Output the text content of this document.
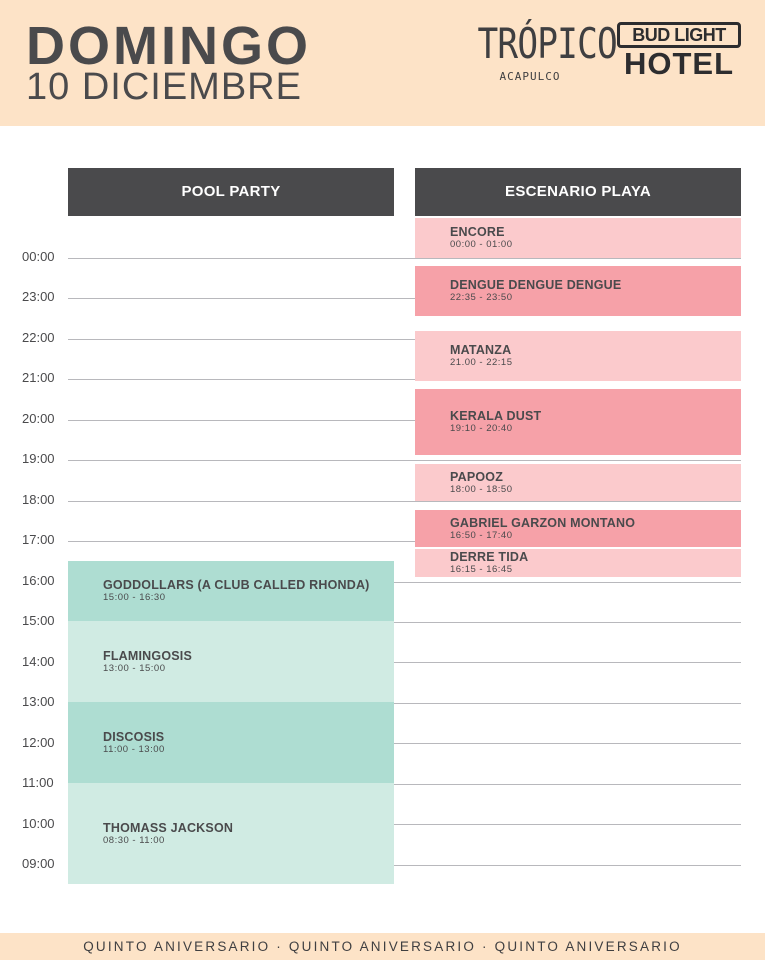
DOMINGO
10 DICIEMBRE
TRÓPICO
ACAPULCO
BUD LIGHT
HOTEL
POOL PARTY	ESCENARIO PLAYA
00:00
23:00
22:00
21:00
20:00
19:00
18:00
17:00
16:00
15:00
14:00
13:00
12:00
11:00
10:00
09:00
ENCORE
00:00 - 01:00
DENGUE DENGUE DENGUE
22:35 - 23:50
MATANZA
21.00 - 22:15
KERALA DUST
19:10 - 20:40
PAPOOZ
18:00 - 18:50
GABRIEL GARZON MONTANO
16:50 - 17:40
DERRE TIDA
16:15 - 16:45
GODDOLLARS (A CLUB CALLED RHONDA)
15:00 - 16:30
FLAMINGOSIS
13:00 - 15:00
DISCOSIS
11:00 - 13:00
THOMASS JACKSON
08:30 - 11:00
QUINTO ANIVERSARIO · QUINTO ANIVERSARIO · QUINTO ANIVERSARIO
